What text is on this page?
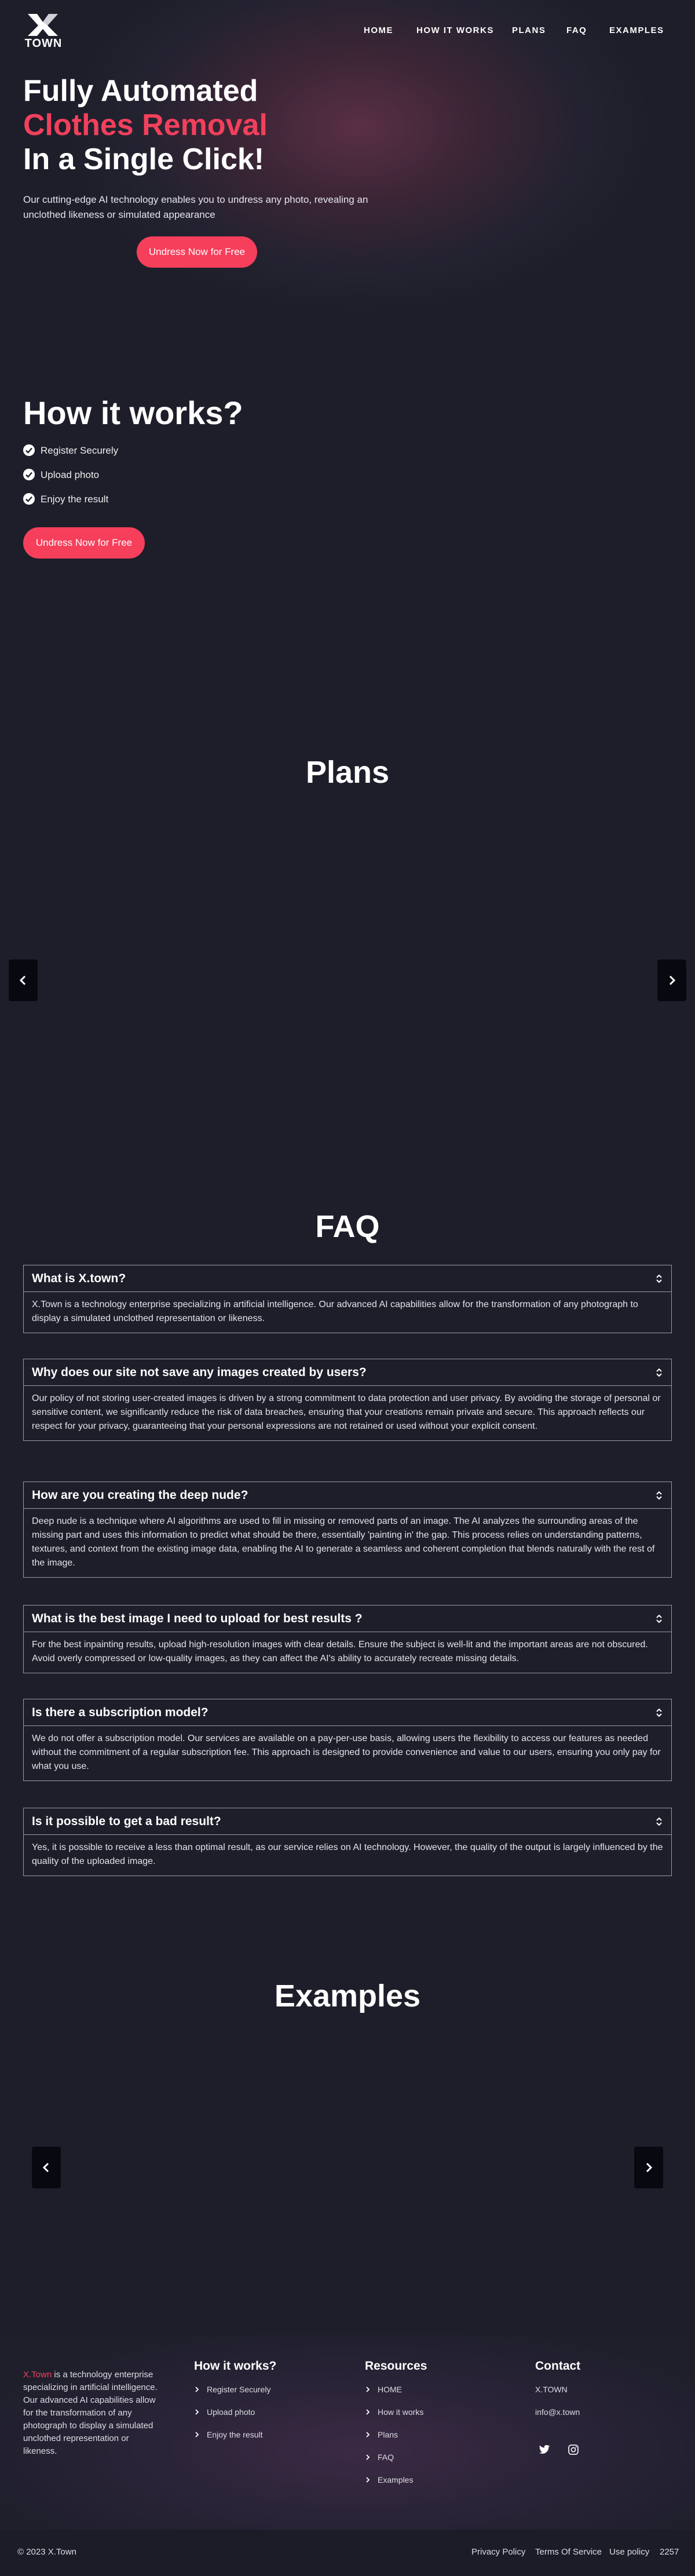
TOWN
HOME	HOW IT WORKS PLANS FAQ	EXAMPLES
Fully Automated
Clothes Removal
In a Single Click!

Our cutting-edge AI technology enables you to undress any photo, revealing an unclothed likeness or simulated appearance

Undress Now for Free
How it works?
Register Securely
Upload photo
Enjoy the result
Undress Now for Free
Plans
FAQ
What is X.town?
X.Town is a technology enterprise specializing in artificial intelligence. Our advanced AI capabilities allow for the transformation of any photograph to display a simulated unclothed representation or likeness.
Why does our site not save any images created by users?
Our policy of not storing user-created images is driven by a strong commitment to data protection and user privacy. By avoiding the storage of personal or sensitive content, we significantly reduce the risk of data breaches, ensuring that your creations remain private and secure. This approach reflects our respect for your privacy, guaranteeing that your personal expressions are not retained or used without your explicit consent.
How are you creating the deep nude?
Deep nude is a technique where AI algorithms are used to fill in missing or removed parts of an image. The AI analyzes the surrounding areas of the missing part and uses this information to predict what should be there, essentially 'painting in' the gap. This process relies on understanding patterns, textures, and context from the existing image data, enabling the AI to generate a seamless and coherent completion that blends naturally with the rest of the image.
What is the best image I need to upload for best results ?
For the best inpainting results, upload high-resolution images with clear details. Ensure the subject is well-lit and the important areas are not obscured. Avoid overly compressed or low-quality images, as they can affect the AI's ability to accurately recreate missing details.
Is there a subscription model?
We do not offer a subscription model. Our services are available on a pay-per-use basis, allowing users the flexibility to access our features as needed without the commitment of a regular subscription fee. This approach is designed to provide convenience and value to our users, ensuring you only pay for what you use.
Is it possible to get a bad result?
Yes, it is possible to receive a less than optimal result, as our service relies on AI technology. However, the quality of the output is largely influenced by the quality of the uploaded image.
Examples

X.Town is a technology enterprise specializing in artificial intelligence. Our advanced AI capabilities allow for the transformation of any photograph to display a simulated unclothed representation or likeness.

How it works?
Register Securely
Upload photo
Enjoy the result
Resources
HOME
How it works
Plans
FAQ
Examples
Contact
X.TOWN
info@x.town
© 2023 X.Town	Privacy Policy Terms Of Service Use policy 2257
